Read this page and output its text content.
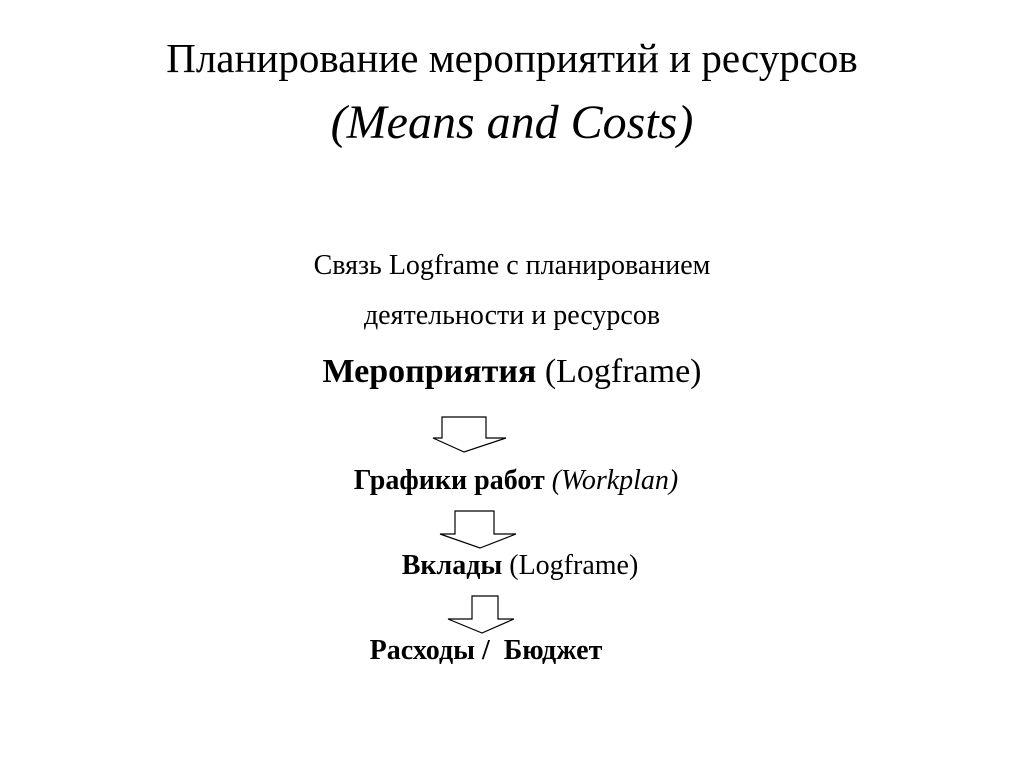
Планирование мероприятий и ресурсов
(Means and Costs)
Связь Logframe с планированием
деятельности и ресурсов
Мероприятия (Logframe)
Графики работ (Workplan)
Вклады (Logframe)
Расходы /  Бюджет
